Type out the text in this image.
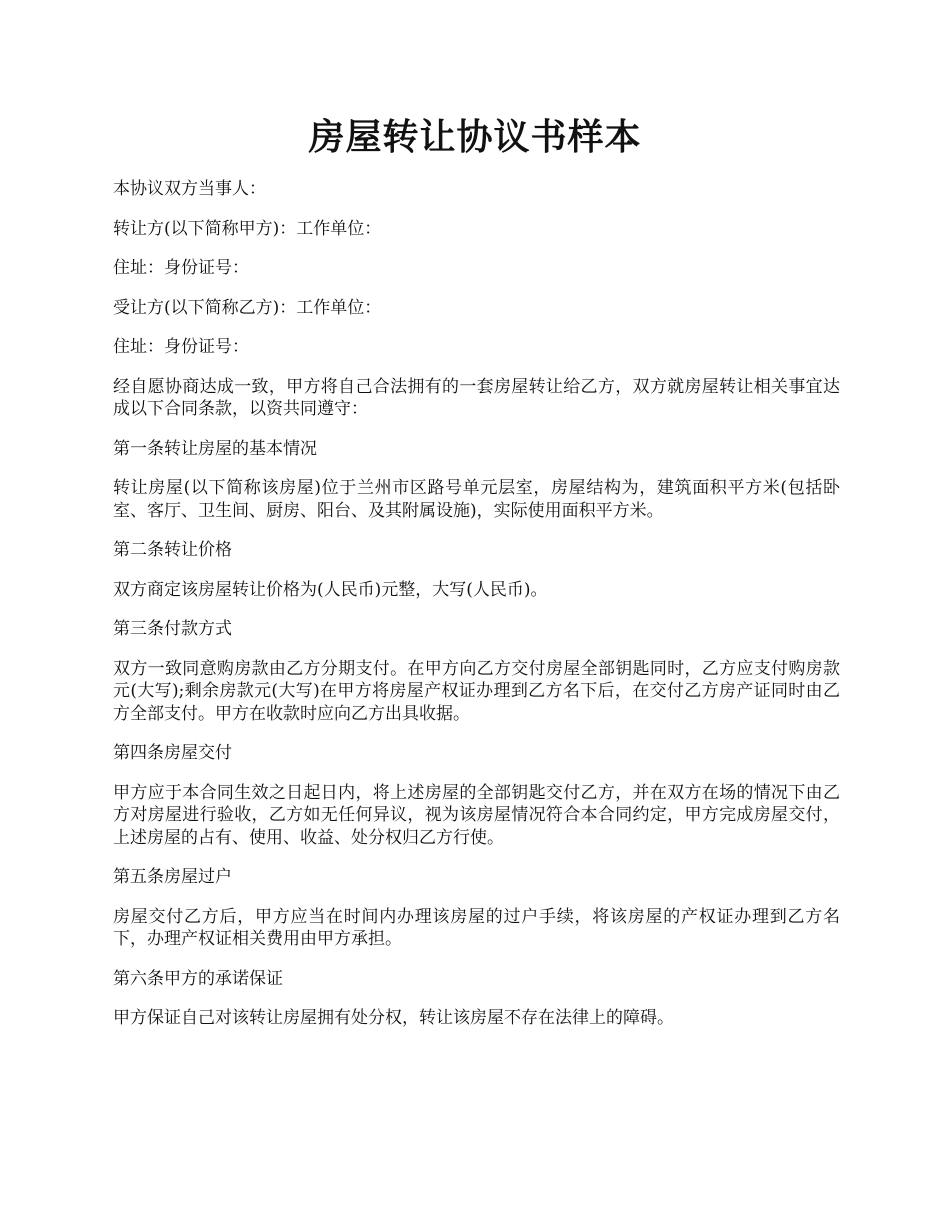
房屋转让协议书样本

本协议双方当事人：

转让方(以下简称甲方)：工作单位：

住址：身份证号：

受让方(以下简称乙方)：工作单位：

住址：身份证号：

经自愿协商达成一致，甲方将自己合法拥有的一套房屋转让给乙方，双方就房屋转让相关事宜达成以下合同条款，以资共同遵守：

第一条转让房屋的基本情况

转让房屋(以下简称该房屋)位于兰州市区路号单元层室，房屋结构为，建筑面积平方米(包括卧室、客厅、卫生间、厨房、阳台、及其附属设施)，实际使用面积平方米。

第二条转让价格

双方商定该房屋转让价格为(人民币)元整，大写(人民币)。

第三条付款方式

双方一致同意购房款由乙方分期支付。在甲方向乙方交付房屋全部钥匙同时，乙方应支付购房款元(大写);剩余房款元(大写)在甲方将房屋产权证办理到乙方名下后，在交付乙方房产证同时由乙方全部支付。甲方在收款时应向乙方出具收据。

第四条房屋交付

甲方应于本合同生效之日起日内，将上述房屋的全部钥匙交付乙方，并在双方在场的情况下由乙方对房屋进行验收，乙方如无任何异议，视为该房屋情况符合本合同约定，甲方完成房屋交付，上述房屋的占有、使用、收益、处分权归乙方行使。

第五条房屋过户

房屋交付乙方后，甲方应当在时间内办理该房屋的过户手续，将该房屋的产权证办理到乙方名下，办理产权证相关费用由甲方承担。

第六条甲方的承诺保证

甲方保证自己对该转让房屋拥有处分权，转让该房屋不存在法律上的障碍。
